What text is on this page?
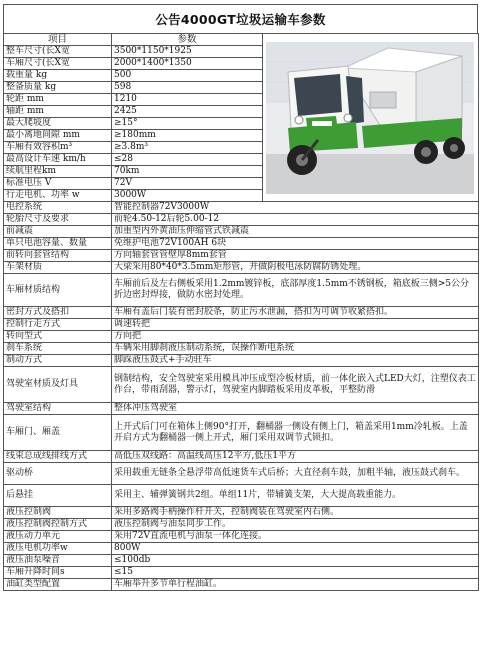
公告4000GT垃圾运输车参数
项目	参数	

整车尺寸(长X宽	3500*1150*1925	
车厢尺寸(长X宽	2000*1400*1350	
载重量 kg	500	
整备质量 kg	598	
轮距 mm	1210	
轴距 mm	2425	
最大爬坡度	≥15°	
最小离地间隙 mm	≥180mm	
车厢有效容积m³	≥3.8m³	
最高设计车速 km/h	≤28	
续航里程km	70km	
标准电压 V	72V	
行走电机、功率 w	3000W	
电控系统	智能控制器72V3000W	
轮胎尺寸及要求	前轮4.50-12后轮5.00-12	
前减震	加重型内外黄油压伸缩管式铁减震	
单只电池容量、数量	免维护电池72V100AH 6块	
前转向套管结构	方向轴套管管壁厚8mm套管	
车架材质	大梁采用80*40*3.5mm矩形管，并做阴极电泳防腐防锈处理。	
车厢材质结构	车厢前后及左右侧板采用1.2mm镀锌板，底部厚度1.5mm不锈钢板，箱底板三侧>5公分折边密封焊接，做防水密封处理。	
密封方式及搭扣	车厢有盖后门装有密封胶条，防止污水泄漏，搭扣为可调节收紧搭扣。	
控制行走方式	调速转把	
转向型式	方向把	
刹车系统	车辆采用脚刹液压制动系统，误操作断电系统	
制动方式	脚踩液压鼓式+手动驻车	
驾驶室材质及灯具	钢制结构，安全驾驶室采用模具冲压成型冷板材质，前一体化嵌入式LED大灯，注塑仪表工作台，带雨刮器，警示灯，驾驶室内脚踏板采用皮革板，平整防滑	
驾驶室结构	整体冲压驾驶室	
车厢门、厢盖	上开式后门可在箱体上侧90°打开，翻桶器一侧设有侧上门，箱盖采用1mm冷轧板。上盖开启方式为翻桶器一侧上开式，厢门采用双调节式锁扣。	
线束总成线排线方式	高低压双线路：高温线高压12平方,低压1平方	
驱动桥	采用载重无链条全悬浮带高低速货车式后桥；大直径刹车鼓，加粗半轴，液压鼓式刹车。	
后悬挂	采用主、辅弹簧钢共2组。单组11片，带辅簧支架，大大提高载重能力。	
液压控制阀	采用多路阀手柄操作杆开关，控制阀装在驾驶室内右侧。	
液压控制阀控制方式	液压控制阀与油泵同步工作。	
液压动力单元	采用72V直流电机与油泵一体化连接。	
液压电机功率w	800W	
液压油泵噪音	≤100db	
车厢升降时间s	≤15	
油缸类型配置	车厢举升多节单行程油缸。	
